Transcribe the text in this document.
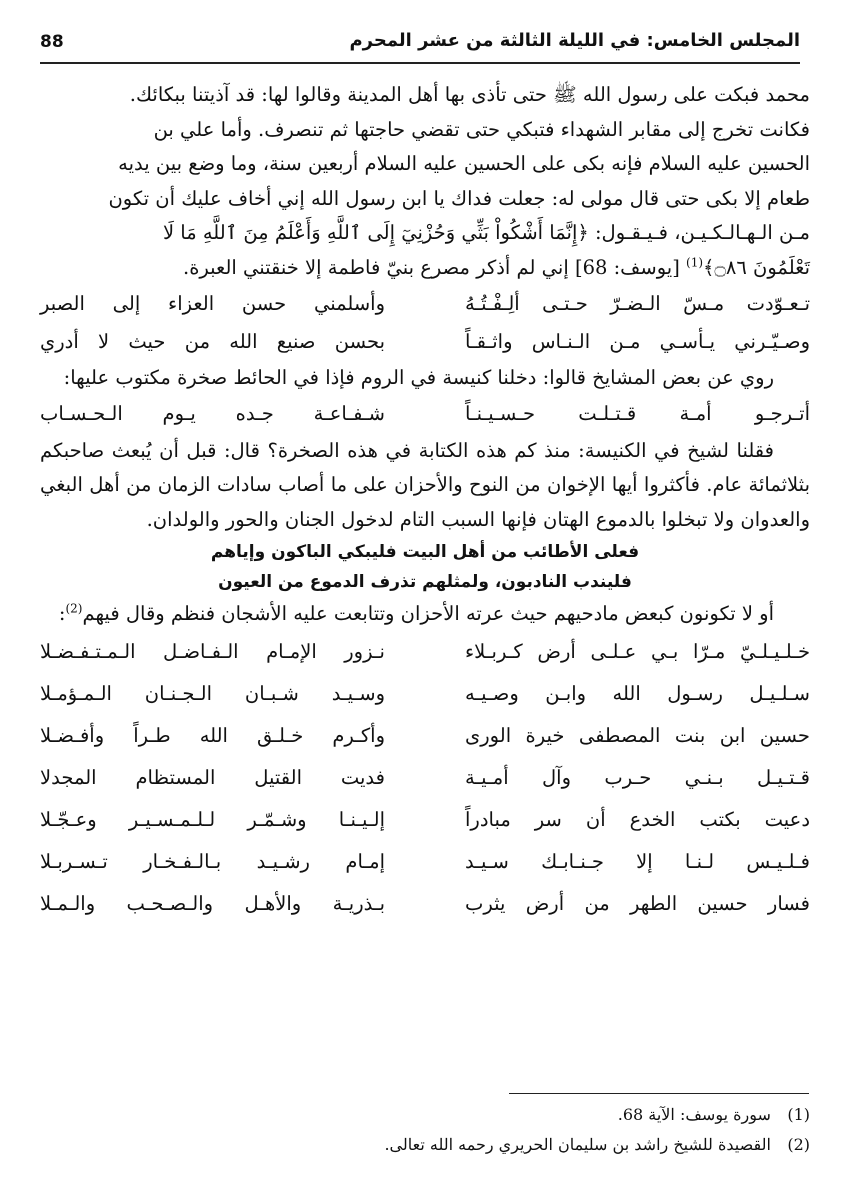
88	المجلس الخامس: في الليلة الثالثة من عشر المحرم

محمد فبكت على رسول الله ﷺ حتى تأذى بها أهل المدينة وقالوا لها: قد آذيتنا ببكائك.
فكانت تخرج إلى مقابر الشهداء فتبكي حتى تقضي حاجتها ثم تنصرف. وأما علي بن
الحسين عليه السلام فإنه بكى على الحسين عليه السلام أربعين سنة، وما وضع بين يديه
طعام إلا بكى حتى قال مولى له: جعلت فداك يا ابن رسول الله إني أخاف عليك أن تكون
مـن الـهـالـكـيـن، فـيـقـول: ﴿إِنَّمَا أَشْكُواْ بَثِّي وَحُزْنِيٓ إِلَى ٱللَّهِ وَأَعْلَمُ مِنَ ٱللَّهِ مَا لَا
تَعْلَمُونَ ۝٨٦﴾$^{(1)}$ [يوسف: 68] إني لم أذكر مصرع بنيّ فاطمة إلا خنقتني العبرة.

تـعـوّدت مـسّ الـضـرّ حـتـى ألِـفْـتُـهُ
وأسلمني حسن العزاء إلى الصبر
وصـيّـرني يـأسـي مـن الـنـاس واثـقـاً
بحسن صنيع الله من حيث لا أدري

روي عن بعض المشايخ قالوا: دخلنا كنيسة في الروم فإذا في الحائط صخرة مكتوب عليها:

أتـرجـو أمـة قـتـلـت حـسـيـنـاً
شـفـاعـة جـده يـوم الـحـسـاب

فقلنا لشيخ في الكنيسة: منذ كم هذه الكتابة في هذه الصخرة؟ قال: قبل أن يُبعث صاحبكم بثلاثمائة عام. فأكثروا أيها الإخوان من النوح والأحزان على ما أصاب سادات الزمان من أهل البغي والعدوان ولا تبخلوا بالدموع الهتان فإنها السبب التام لدخول الجنان والحور والولدان.

فعلى الأطائب من أهل البيت فليبكي الباكون وإياهم
فليندب النادبون، ولمثلهم تذرف الدموع من العيون

أو لا تكونون كبعض مادحيهم حيث عرته الأحزان وتتابعت عليه الأشجان فنظم وقال فيهم$^{(2)}$:

خـلـيـلـيّ مـرّا بـي عـلـى أرض كـربـلاء
نـزور الإمـام الـفـاضـل الـمـتـفـضـلا
سـلـيـل رسـول الله وابـن وصـيـه
وسـيـد شـبـان الـجـنـان الـمـؤمـلا
حسين ابن بنت المصطفى خيرة الورى
وأكـرم خـلـق الله طـراً وأفـضـلا
قـتـيـل بـنـي حـرب وآل أمـيـة
فديت القتيل المستظام المجدلا
دعيت بكتب الخدع أن سر مبادراً
إلـيـنـا وشـمّـر لـلـمـسـيـر وعـجّـلا
فـلـيـس لـنـا إلا جـنـابـك سـيـد
إمـام رشـيـد بـالـفـخـار تـسـربـلا
فسار حسين الطهر من أرض يثرب
بـذريـة والأهـل والـصـحـب والـمـلا
(1) سورة يوسف: الآية 68.
(2) القصيدة للشيخ راشد بن سليمان الحريري رحمه الله تعالى.
